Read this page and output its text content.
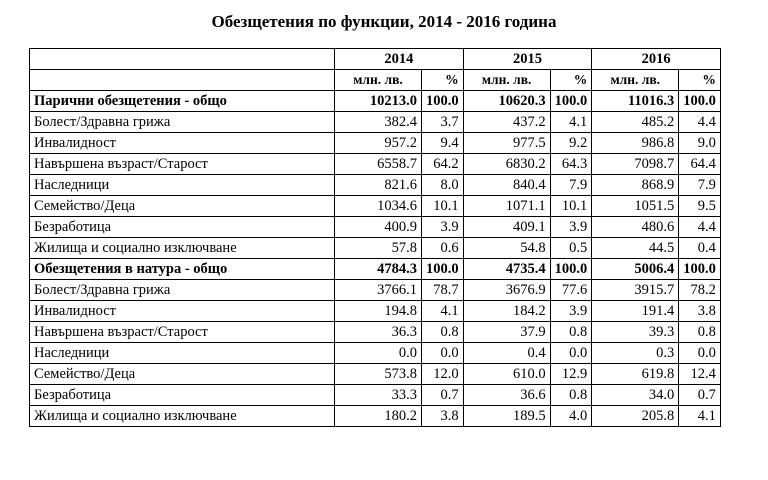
Обезщетения по функции, 2014 - 2016 година
	2014		2015		2016	
	млн. лв.	%	млн. лв.	%	млн. лв.	%
Парични обезщетения - общо	10213.0	100.0	10620.3	100.0	11016.3	100.0
Болест/Здравна грижа	382.4	3.7	437.2	4.1	485.2	4.4
Инвалидност	957.2	9.4	977.5	9.2	986.8	9.0
Навършена възраст/Старост	6558.7	64.2	6830.2	64.3	7098.7	64.4
Наследници	821.6	8.0	840.4	7.9	868.9	7.9
Семейство/Деца	1034.6	10.1	1071.1	10.1	1051.5	9.5
Безработица	400.9	3.9	409.1	3.9	480.6	4.4
Жилища и социално изключване	57.8	0.6	54.8	0.5	44.5	0.4
Обезщетения в натура - общо	4784.3	100.0	4735.4	100.0	5006.4	100.0
Болест/Здравна грижа	3766.1	78.7	3676.9	77.6	3915.7	78.2
Инвалидност	194.8	4.1	184.2	3.9	191.4	3.8
Навършена възраст/Старост	36.3	0.8	37.9	0.8	39.3	0.8
Наследници	0.0	0.0	0.4	0.0	0.3	0.0
Семейство/Деца	573.8	12.0	610.0	12.9	619.8	12.4
Безработица	33.3	0.7	36.6	0.8	34.0	0.7
Жилища и социално изключване	180.2	3.8	189.5	4.0	205.8	4.1
